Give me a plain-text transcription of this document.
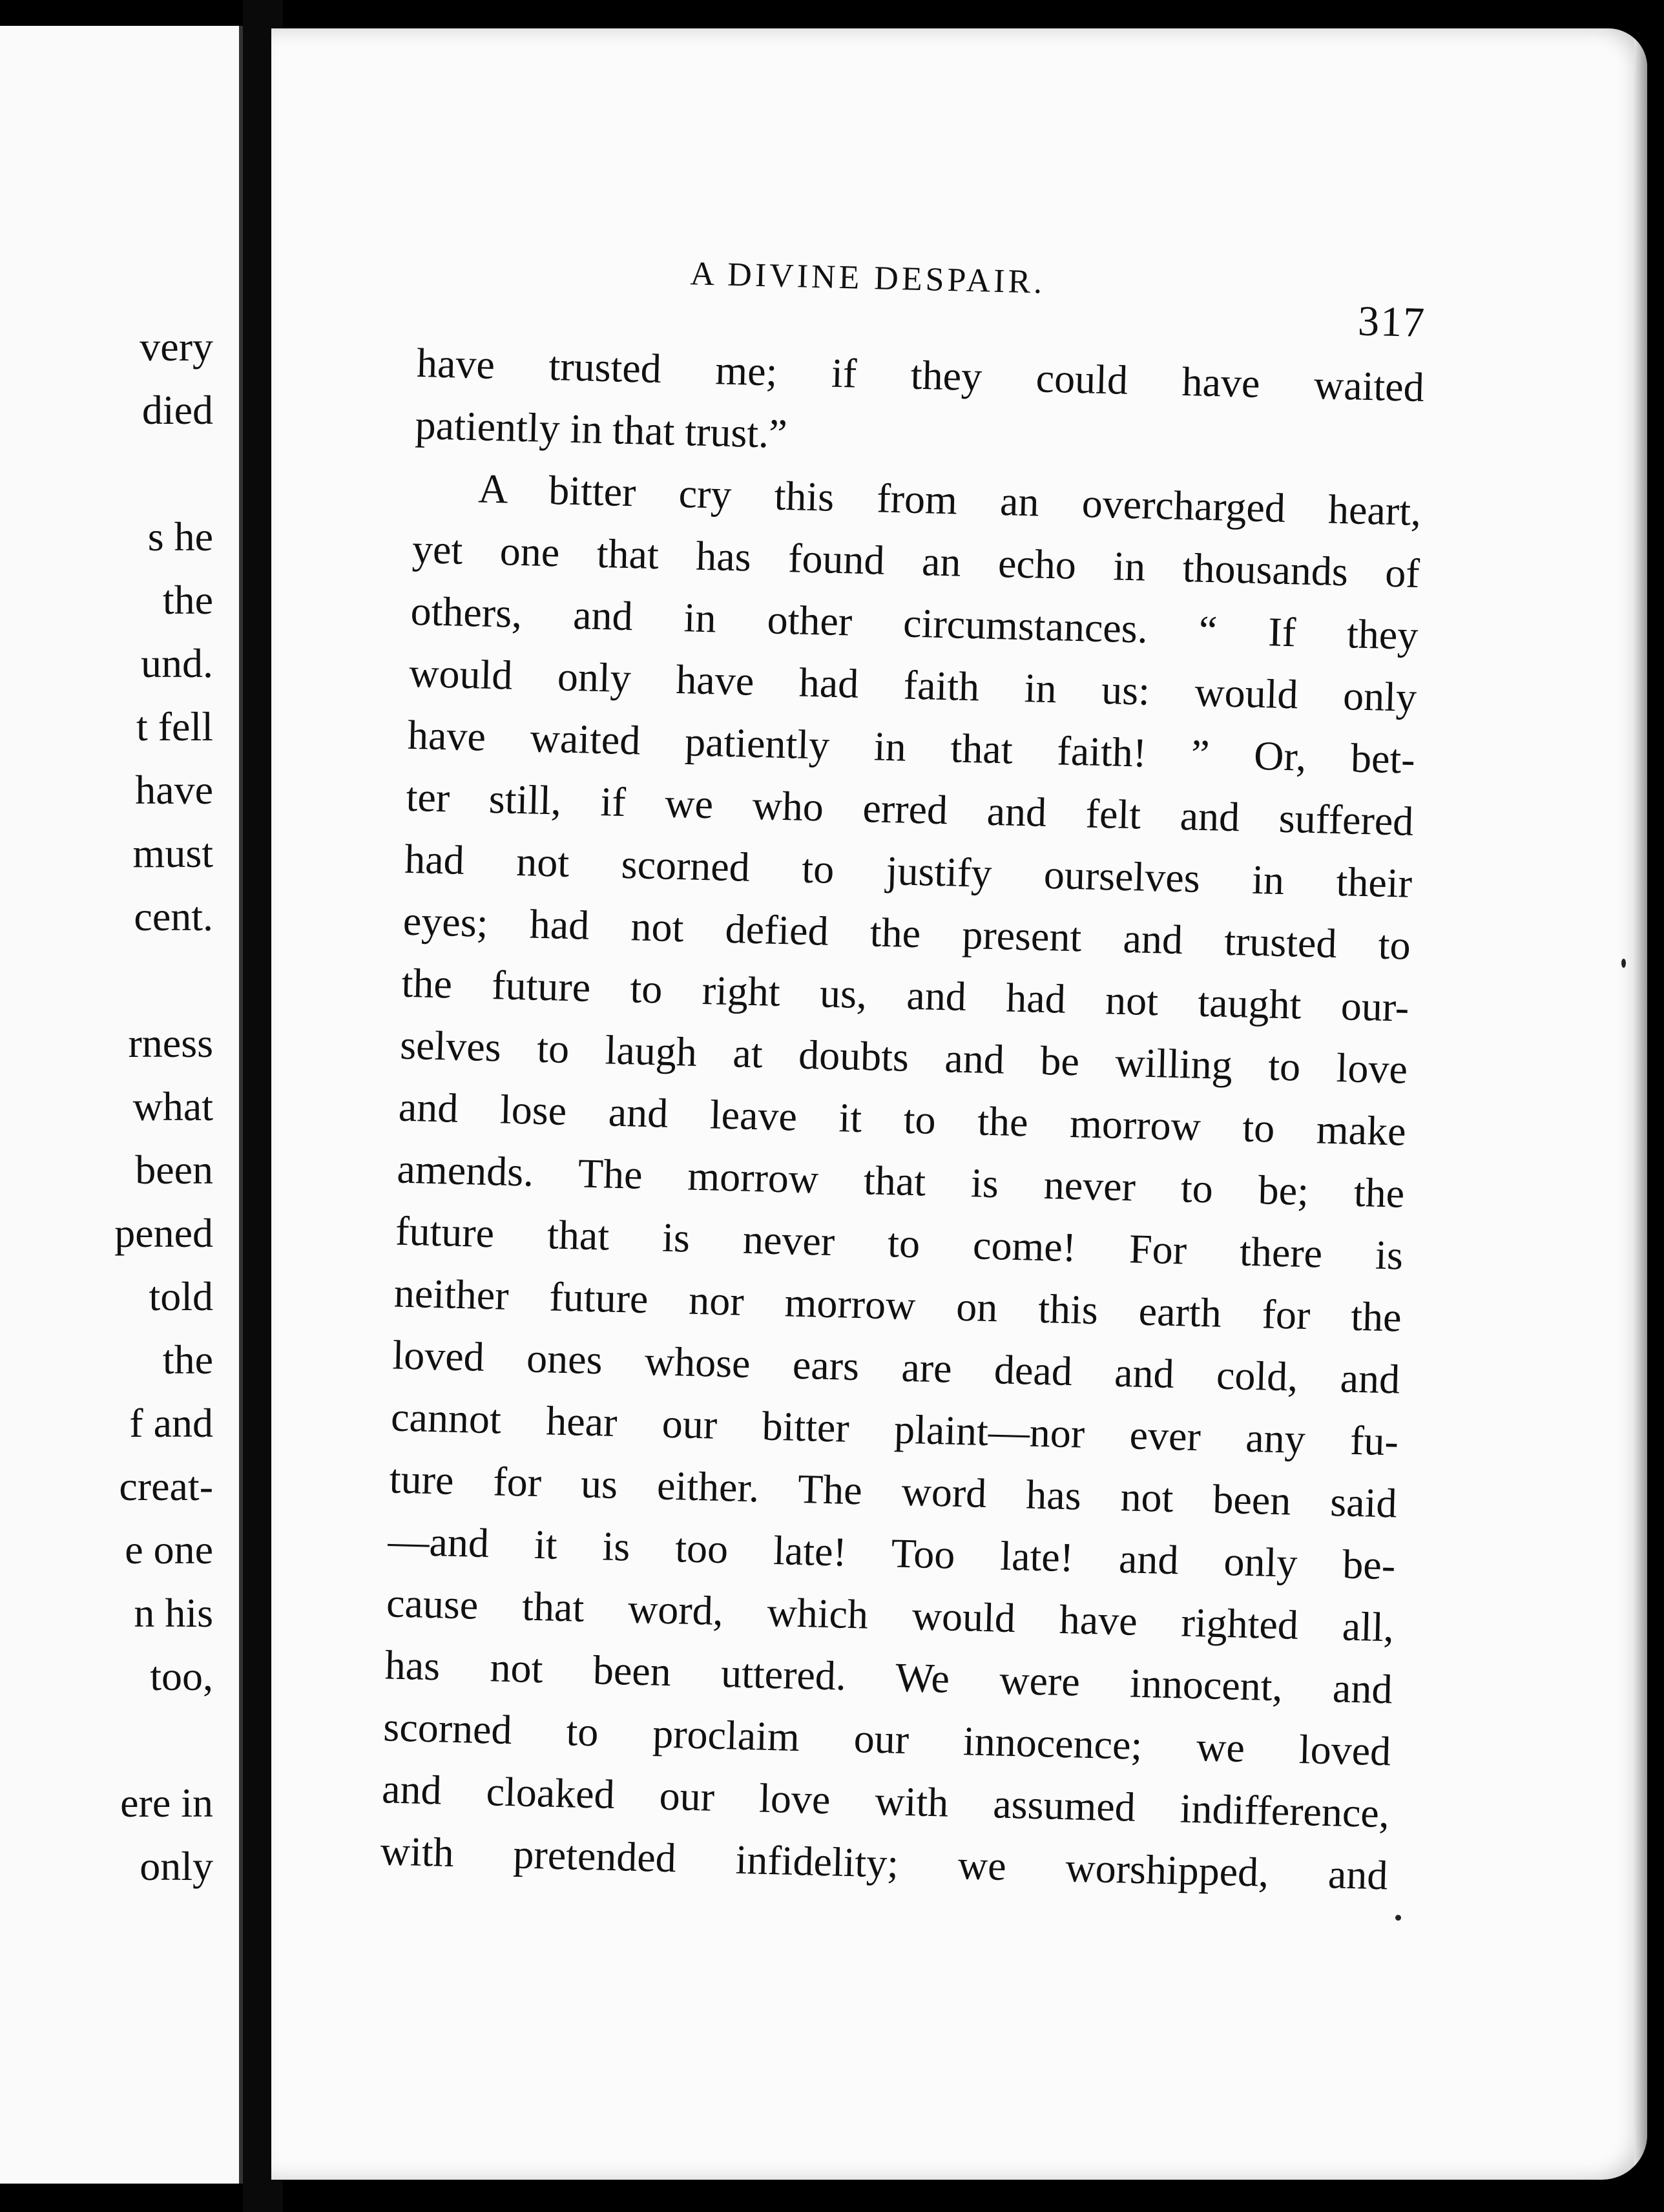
very
died
s he
the
und.
t fell
have
must
cent.
rness
what
been
pened
told
the
f and
creat-
e one
n his
too,
ere in
only
A DIVINE DESPAIR.
317
have trusted me; if they could have waited
patiently in that trust.”
A bitter cry this from an overcharged heart,
yet one that has found an echo in thousands of
others, and in other circumstances. “ If they
would only have had faith in us: would only
have waited patiently in that faith! ” Or, bet-
ter still, if we who erred and felt and suffered
had not scorned to justify ourselves in their
eyes; had not defied the present and trusted to
the future to right us, and had not taught our-
selves to laugh at doubts and be willing to love
and lose and leave it to the morrow to make
amends. The morrow that is never to be; the
future that is never to come! For there is
neither future nor morrow on this earth for the
loved ones whose ears are dead and cold, and
cannot hear our bitter plaint—nor ever any fu-
ture for us either. The word has not been said
—and it is too late! Too late! and only be-
cause that word, which would have righted all,
has not been uttered. We were innocent, and
scorned to proclaim our innocence; we loved
and cloaked our love with assumed indifference,
with pretended infidelity; we worshipped, and
